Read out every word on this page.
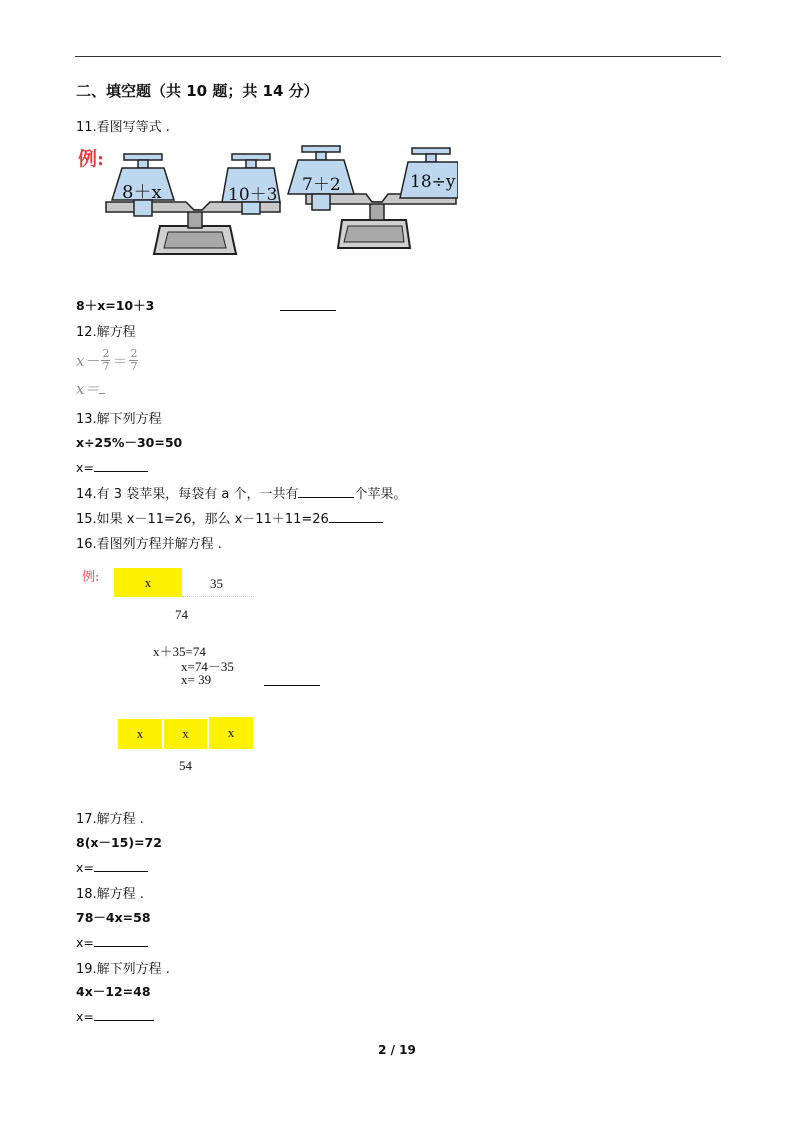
二、填空题（共 10 题；共 14 分）
11.看图写等式 .
例:
8＋x	10＋3 7＋2	18÷y
8＋x=10＋3
12.解方程
x－ 2
7 ＝ 2
7
x＝
13.解下列方程
x÷25%－30=50
x=
14.有 3 袋苹果，每袋有 a 个，一共有	个苹果。
15.如果 x－11=26，那么 x－11＋11=26
16.看图列方程并解方程 .
例:	x	35
74
x＋35=74
x=74－35
x= 39
x	x	x
54
17.解方程 .
8(x－15)=72
x=
18.解方程 .
78－4x=58
x=
19.解下列方程 .
4x－12=48
x=
2 / 19
